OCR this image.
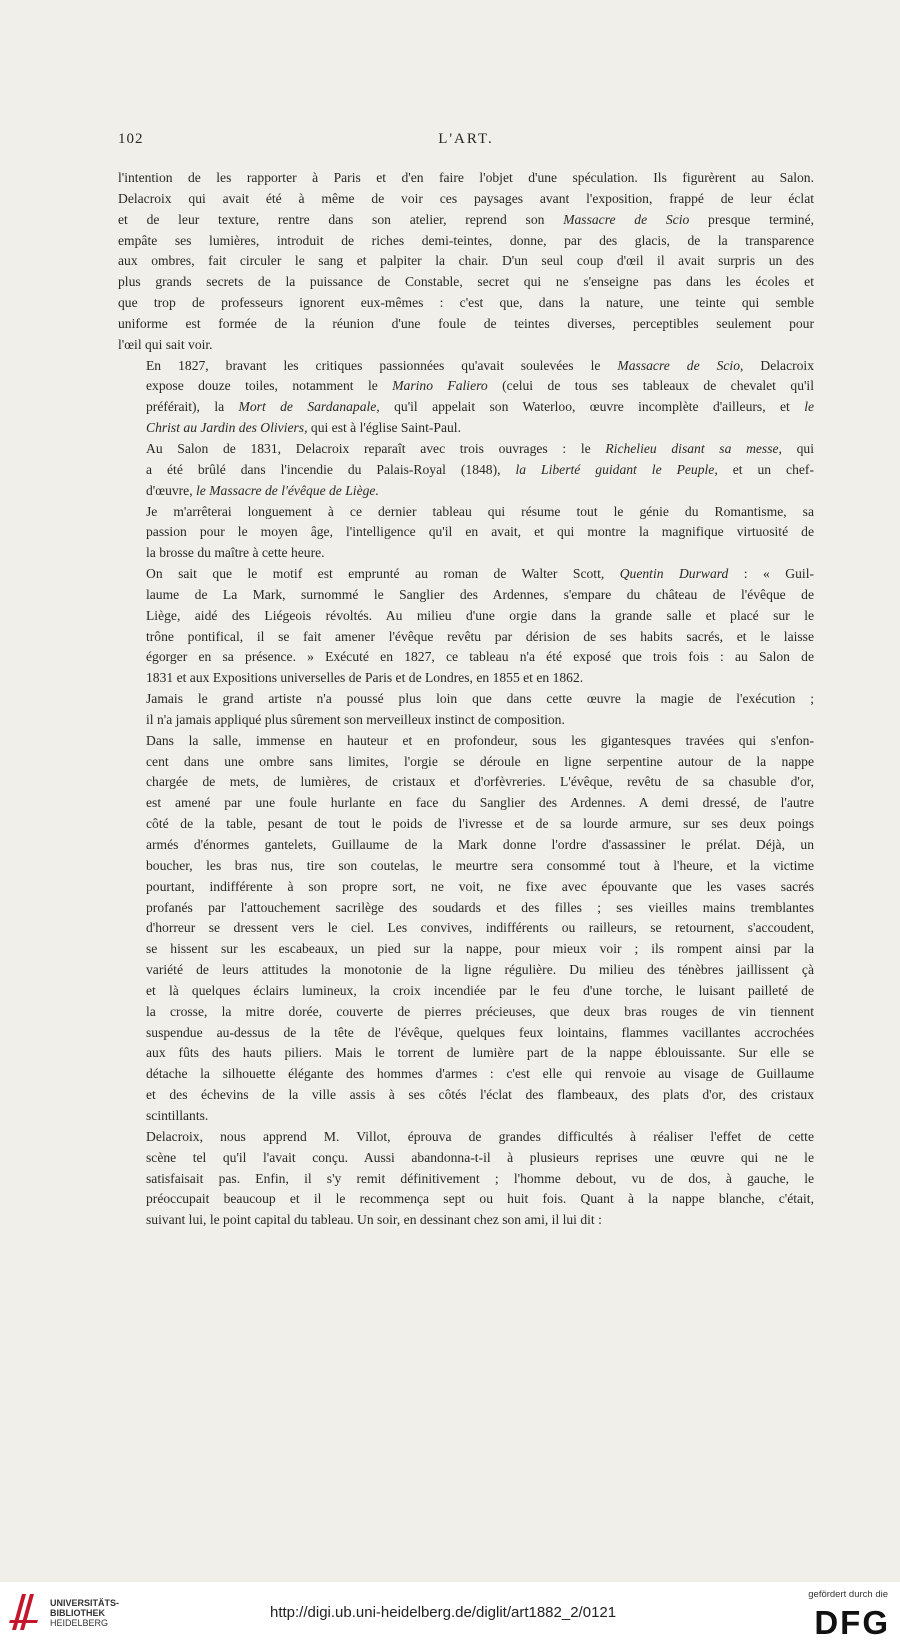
102	L'ART.

l'intention de les rapporter à Paris et d'en faire l'objet d'une spéculation. Ils figurèrent au Salon.
Delacroix qui avait été à même de voir ces paysages avant l'exposition, frappé de leur éclat
et de leur texture, rentre dans son atelier, reprend son Massacre de Scio presque terminé,
empâte ses lumières, introduit de riches demi-teintes, donne, par des glacis, de la transparence
aux ombres, fait circuler le sang et palpiter la chair. D'un seul coup d'œil il avait surpris un des
plus grands secrets de la puissance de Constable, secret qui ne s'enseigne pas dans les écoles et
que trop de professeurs ignorent eux-mêmes : c'est que, dans la nature, une teinte qui semble
uniforme est formée de la réunion d'une foule de teintes diverses, perceptibles seulement pour
l'œil qui sait voir.

En 1827, bravant les critiques passionnées qu'avait soulevées le Massacre de Scio, Delacroix
expose douze toiles, notamment le Marino Faliero (celui de tous ses tableaux de chevalet qu'il
préférait), la Mort de Sardanapale, qu'il appelait son Waterloo, œuvre incomplète d'ailleurs, et le
Christ au Jardin des Oliviers, qui est à l'église Saint-Paul.

Au Salon de 1831, Delacroix reparaît avec trois ouvrages : le Richelieu disant sa messe, qui
a été brûlé dans l'incendie du Palais-Royal (1848), la Liberté guidant le Peuple, et un chef-
d'œuvre, le Massacre de l'évêque de Liège.

Je m'arrêterai longuement à ce dernier tableau qui résume tout le génie du Romantisme, sa
passion pour le moyen âge, l'intelligence qu'il en avait, et qui montre la magnifique virtuosité de
la brosse du maître à cette heure.

On sait que le motif est emprunté au roman de Walter Scott, Quentin Durward : « Guil-
laume de La Mark, surnommé le Sanglier des Ardennes, s'empare du château de l'évêque de
Liège, aidé des Liégeois révoltés. Au milieu d'une orgie dans la grande salle et placé sur le
trône pontifical, il se fait amener l'évêque revêtu par dérision de ses habits sacrés, et le laisse
égorger en sa présence. » Exécuté en 1827, ce tableau n'a été exposé que trois fois : au Salon de
1831 et aux Expositions universelles de Paris et de Londres, en 1855 et en 1862.

Jamais le grand artiste n'a poussé plus loin que dans cette œuvre la magie de l'exécution ;
il n'a jamais appliqué plus sûrement son merveilleux instinct de composition.

Dans la salle, immense en hauteur et en profondeur, sous les gigantesques travées qui s'enfon-
cent dans une ombre sans limites, l'orgie se déroule en ligne serpentine autour de la nappe
chargée de mets, de lumières, de cristaux et d'orfèvreries. L'évêque, revêtu de sa chasuble d'or,
est amené par une foule hurlante en face du Sanglier des Ardennes. A demi dressé, de l'autre
côté de la table, pesant de tout le poids de l'ivresse et de sa lourde armure, sur ses deux poings
armés d'énormes gantelets, Guillaume de la Mark donne l'ordre d'assassiner le prélat. Déjà, un
boucher, les bras nus, tire son coutelas, le meurtre sera consommé tout à l'heure, et la victime
pourtant, indifférente à son propre sort, ne voit, ne fixe avec épouvante que les vases sacrés
profanés par l'attouchement sacrilège des soudards et des filles ; ses vieilles mains tremblantes
d'horreur se dressent vers le ciel. Les convives, indifférents ou railleurs, se retournent, s'accoudent,
se hissent sur les escabeaux, un pied sur la nappe, pour mieux voir ; ils rompent ainsi par la
variété de leurs attitudes la monotonie de la ligne régulière. Du milieu des ténèbres jaillissent çà
et là quelques éclairs lumineux, la croix incendiée par le feu d'une torche, le luisant pailleté de
la crosse, la mitre dorée, couverte de pierres précieuses, que deux bras rouges de vin tiennent
suspendue au-dessus de la tête de l'évêque, quelques feux lointains, flammes vacillantes accrochées
aux fûts des hauts piliers. Mais le torrent de lumière part de la nappe éblouissante. Sur elle se
détache la silhouette élégante des hommes d'armes : c'est elle qui renvoie au visage de Guillaume
et des échevins de la ville assis à ses côtés l'éclat des flambeaux, des plats d'or, des cristaux
scintillants.

Delacroix, nous apprend M. Villot, éprouva de grandes difficultés à réaliser l'effet de cette
scène tel qu'il l'avait conçu. Aussi abandonna-t-il à plusieurs reprises une œuvre qui ne le
satisfaisait pas. Enfin, il s'y remit définitivement ; l'homme debout, vu de dos, à gauche, le
préoccupait beaucoup et il le recommença sept ou huit fois. Quant à la nappe blanche, c'était,
suivant lui, le point capital du tableau. Un soir, en dessinant chez son ami, il lui dit :

UNIVERSITÄTS-
BIBLIOTHEK
HEIDELBERG
http://digi.ub.uni-heidelberg.de/diglit/art1882_2/0121
gefördert durch die
DFG
